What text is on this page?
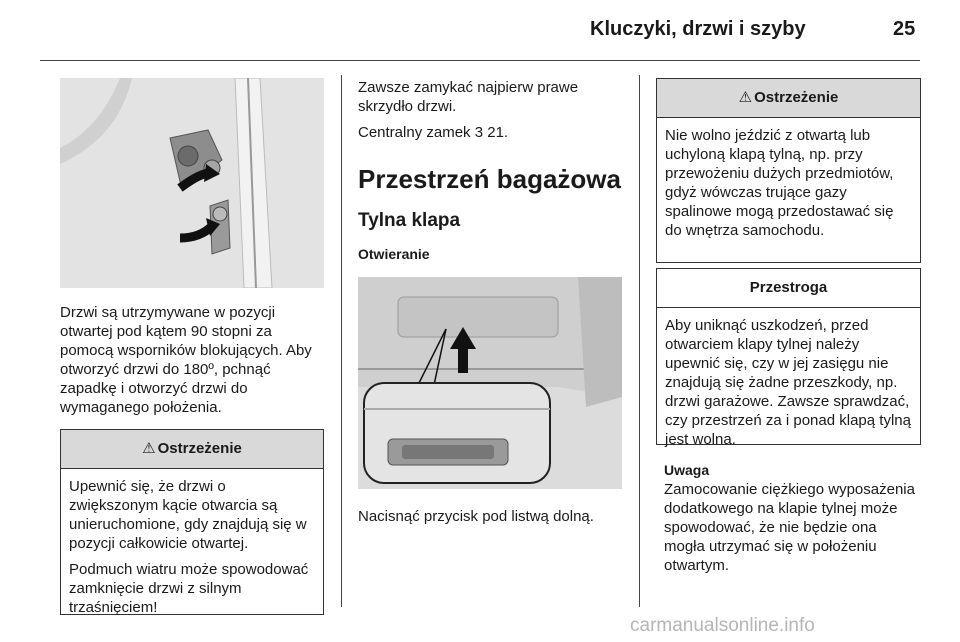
Kluczyki, drzwi i szyby	25

Drzwi są utrzymywane w pozycji otwartej pod kątem 90 stopni za pomocą wsporników blokujących. Aby otworzyć drzwi do 180º, pchnąć zapadkę i otworzyć drzwi do wymaganego położenia.

⚠ Ostrzeżenie

Upewnić się, że drzwi o zwiększonym kącie otwarcia są unieruchomione, gdy znajdują się w pozycji całkowicie otwartej.

Podmuch wiatru może spowodować zamknięcie drzwi z silnym trzaśnięciem!

Zawsze zamykać najpierw prawe skrzydło drzwi.

Centralny zamek 3 21.

Przestrzeń bagażowa
Tylna klapa
Otwieranie

Nacisnąć przycisk pod listwą dolną.

⚠ Ostrzeżenie

Nie wolno jeździć z otwartą lub uchyloną klapą tylną, np. przy przewożeniu dużych przedmiotów, gdyż wówczas trujące gazy spalinowe mogą przedostawać się do wnętrza samochodu.

Przestroga

Aby uniknąć uszkodzeń, przed otwarciem klapy tylnej należy upewnić się, czy w jej zasięgu nie znajdują się żadne przeszkody, np. drzwi garażowe. Zawsze sprawdzać, czy przestrzeń za i ponad klapą tylną jest wolna.

Uwaga

Zamocowanie ciężkiego wyposażenia dodatkowego na klapie tylnej może spowodować, że nie będzie ona mogła utrzymać się w położeniu otwartym.

carmanualsonline.info
